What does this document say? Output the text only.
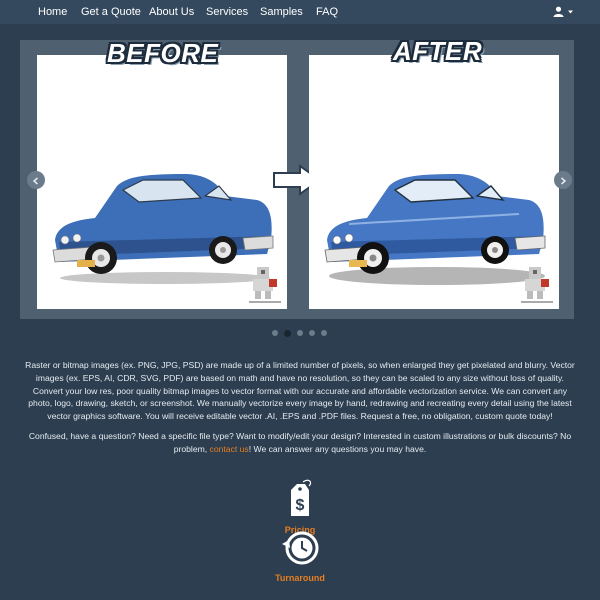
Home Get a Quote About Us Services Samples FAQ

BEFORE	AFTER

Raster or bitmap images (ex. PNG, JPG, PSD) are made up of a limited number of pixels, so when enlarged they get pixelated and blurry. Vector images (ex. EPS, AI, CDR, SVG, PDF) are based on math and have no resolution, so they can be scaled to any size without loss of quality. Convert your low res, poor quality bitmap images to vector format with our accurate and affordable vectorization service. We can convert any photo, logo, drawing, sketch, or screenshot. We manually vectorize every image by hand, redrawing and recreating every detail using the latest vector graphics software. You will receive editable vector .AI, .EPS and .PDF files. Request a free, no obligation, custom quote today!

Confused, have a question? Need a specific file type? Want to modify/edit your design? Interested in custom illustrations or bulk discounts? No problem, contact us! We can answer any questions you may have.

$
Pricing
Turnaround
